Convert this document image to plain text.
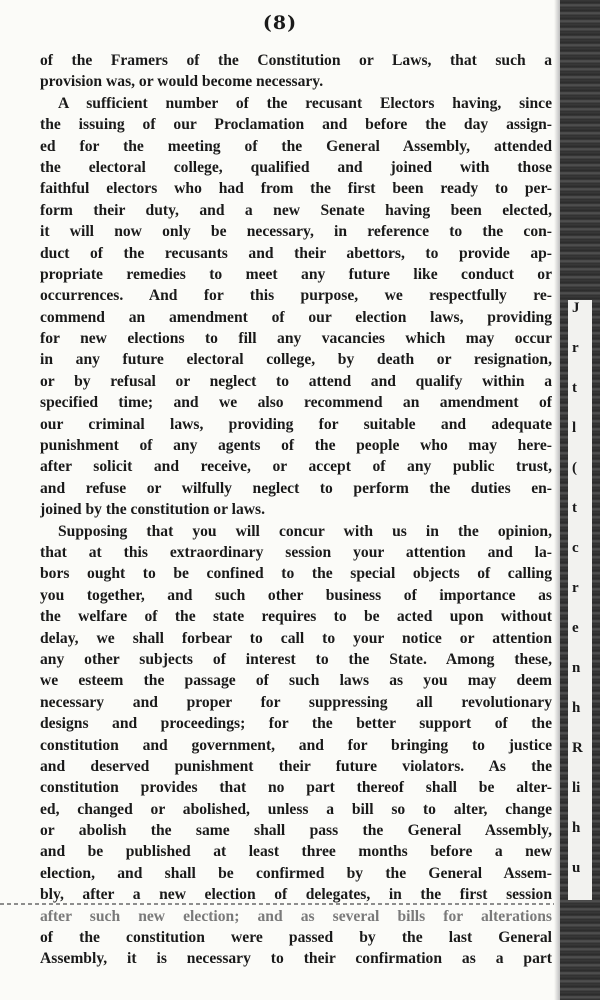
(8)
of the Framers of the Constitution or Laws, that such a
provision was, or would become necessary.
A sufficient number of the recusant Electors having, since
the issuing of our Proclamation and before the day assign-
ed for the meeting of the General Assembly, attended
the electoral college, qualified and joined with those
faithful electors who had from the first been ready to per-
form their duty, and a new Senate having been elected,
it will now only be necessary, in reference to the con-
duct of the recusants and their abettors, to provide ap-
propriate remedies to meet any future like conduct or
occurrences. And for this purpose, we respectfully re-
commend an amendment of our election laws, providing
for new elections to fill any vacancies which may occur
in any future electoral college, by death or resignation,
or by refusal or neglect to attend and qualify within a
specified time; and we also recommend an amendment of
our criminal laws, providing for suitable and adequate
punishment of any agents of the people who may here-
after solicit and receive, or accept of any public trust,
and refuse or wilfully neglect to perform the duties en-
joined by the constitution or laws.
Supposing that you will concur with us in the opinion,
that at this extraordinary session your attention and la-
bors ought to be confined to the special objects of calling
you together, and such other business of importance as
the welfare of the state requires to be acted upon without
delay, we shall forbear to call to your notice or attention
any other subjects of interest to the State. Among these,
we esteem the passage of such laws as you may deem
necessary and proper for suppressing all revolutionary
designs and proceedings; for the better support of the
constitution and government, and for bringing to justice
and deserved punishment their future violators. As the
constitution provides that no part thereof shall be alter-
ed, changed or abolished, unless a bill so to alter, change
or abolish the same shall pass the General Assembly,
and be published at least three months before a new
election, and shall be confirmed by the General Assem-
bly, after a new election of delegates, in the first session
after such new election; and as several bills for alterations
of the constitution were passed by the last General
Assembly, it is necessary to their confirmation as a part
J
r
t
l
(
t
c
r
e
n
h
R
li
h
u
